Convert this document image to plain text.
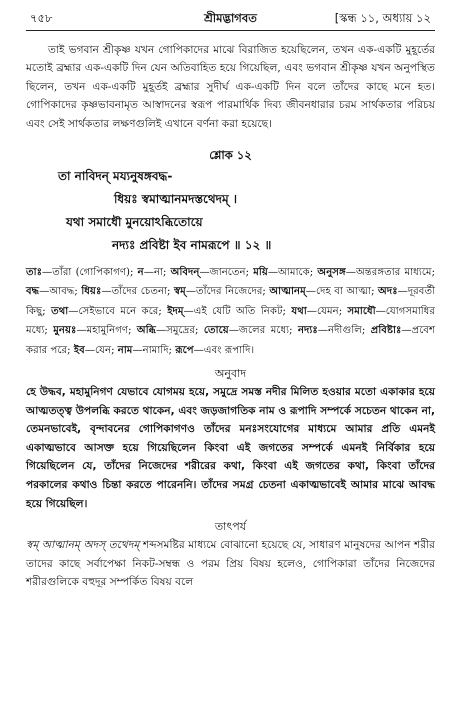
৭৫৮	শ্রীমদ্ভাগবত	[স্কন্ধ ১১, অধ্যায় ১২

তাই ভগবান শ্রীকৃষ্ণ যখন গোপিকাদের মাঝে বিরাজিত হয়েছিলেন, তখন এক-একটি মুহূর্তের মতোই ব্রহ্মার এক-একটি দিন যেন অতিবাহিত হয়ে গিয়েছিল, এবং ভগবান শ্রীকৃষ্ণ যখন অনুপস্থিত ছিলেন, তখন এক-একটি মুহূর্তই ব্রহ্মার সুদীর্ঘ এক-একটি দিন বলে তাঁদের কাছে মনে হত। গোপিকাদের কৃষ্ণভাবনামৃত আস্বাদনের স্বরূপ পারমার্থিক দিব্য জীবনধারার চরম সার্থকতার পরিচয় এবং সেই সার্থকতার লক্ষণগুলিই এখানে বর্ণনা করা হয়েছে।

শ্লোক ১২
তা নাবিদন্ ময্যনুষঙ্গবদ্ধ-
ধিয়ঃ স্বমাত্মানমদস্তথেদম্ ।
যথা সমাধৌ মুনয়োঽব্ধিতোয়ে
নদ্যঃ প্রবিষ্টা ইব নামরূপে ॥ ১২ ॥

তাঃ—তাঁরা (গোপিকাগণ); ন—না; অবিদন্—জানতেন; ময়ি—আমাকে; অনুসঙ্গ—অন্তরঙ্গতার মাধ্যমে; বদ্ধ—আবদ্ধ; ধিয়ঃ—তাঁদের চেতনা; স্বম্—তাঁদের নিজেদের; আত্মানম্—দেহ বা আত্মা; অদঃ—দূরবর্তী কিছু; তথা—সেইভাবে মনে করে; ইদম্—এই যেটি অতি নিকট; যথা—যেমন; সমাধৌ—যোগসমাধির মধ্যে; মুনয়ঃ—মহামুনিগণ; অব্ধি—সমুদ্রের; তোয়ে—জলের মধ্যে; নদ্যঃ—নদীগুলি; প্রবিষ্টাঃ—প্রবেশ করার পরে; ইব—যেন; নাম—নামাদি; রূপে—এবং রূপাদি।

অনুবাদ

হে উদ্ধব, মহামুনিগণ যেভাবে যোগময় হয়ে, সমুদ্রে সমস্ত নদীর মিলিত হওয়ার মতো একাকার হয়ে আত্মতত্ত্ব উপলব্ধি করতে থাকেন, এবং জড়জাগতিক নাম ও রূপাদি সম্পর্কে সচেতন থাকেন না, তেমনভাবেই, বৃন্দাবনের গোপিকাগণও তাঁদের মনঃসংযোগের মাধ্যমে আমার প্রতি এমনই একাত্মভাবে আসক্ত হয়ে গিয়েছিলেন কিংবা এই জগতের সম্পর্কে এমনই নির্বিকার হয়ে গিয়েছিলেন যে, তাঁদের নিজেদের শরীরের কথা, কিংবা এই জগতের কথা, কিংবা তাঁদের পরকালের কথাও চিন্তা করতে পারেননি। তাঁদের সমগ্র চেতনা একাত্মভাবেই আমার মাঝে আবদ্ধ হয়ে গিয়েছিল।

তাৎপর্য

স্বম্ আত্মানম্ অদস্ তথেদম্ শব্দসমষ্টির মাধ্যমে বোঝানো হয়েছে যে, সাধারণ মানুষদের আপন শরীর তাদের কাছে সর্বাপেক্ষা নিকট-সম্বন্ধ ও পরম প্রিয় বিষয় হলেও, গোপিকারা তাঁদের নিজেদের শরীরগুলিকে বহুদূর সম্পর্কিত বিষয় বলে
